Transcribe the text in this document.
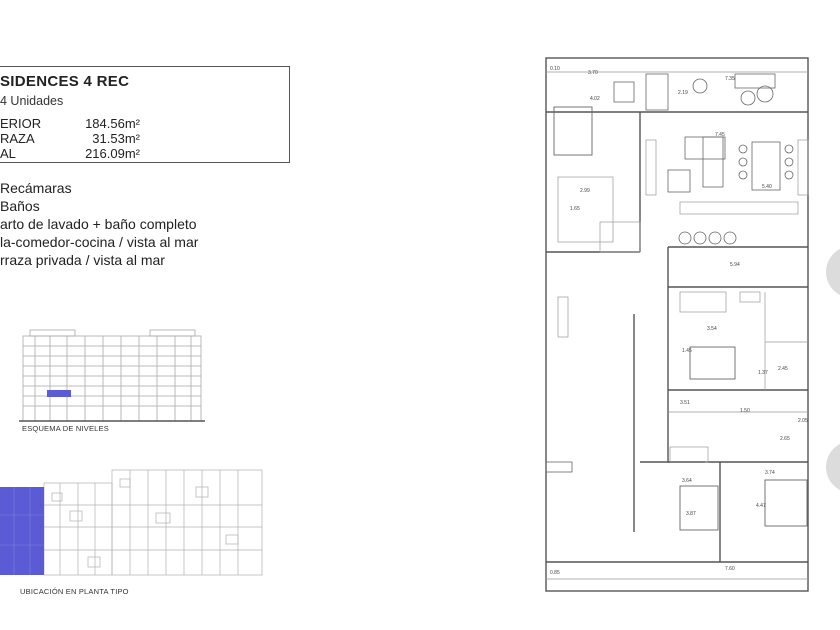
SIDENCES 4 REC
4 Unidades
ERIOR	184.56m²
RAZA	31.53m²
AL	216.09m²
Recámaras
Baños
arto de lavado + baño completo
la-comedor-cocina / vista al mar
rraza privada / vista al mar
ESQUEMA DE NIVELES
UBICACIÓN EN PLANTA TIPO
0.10
3.70
7.35
4.02
2.19
7.45
5.40
2.99
1.65
5.94
3.54
1.45
1.37
2.45
3.51
1.50
2.05
2.65
3.74
3.64
3.87
4.47
7.60
0.85
